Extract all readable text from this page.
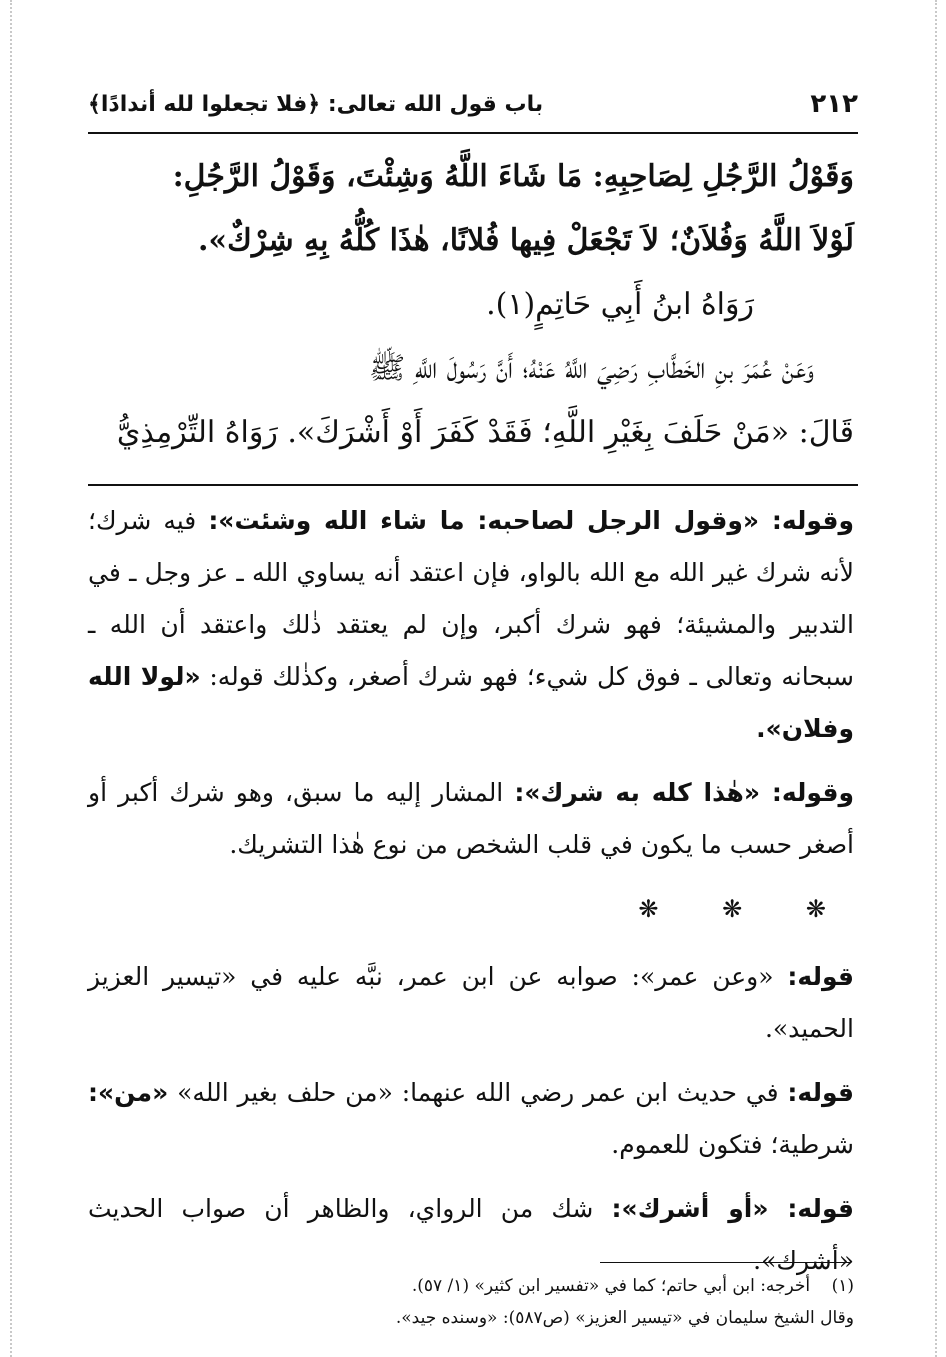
٢١٢
باب قول الله تعالى: ﴿فلا تجعلوا لله أندادًا﴾

وَقَوْلُ الرَّجُلِ لِصَاحِبِهِ: مَا شَاءَ اللَّهُ وَشِئْتَ، وَقَوْلُ الرَّجُلِ:

لَوْلاَ اللَّهُ وَفُلاَنٌ؛ لاَ تَجْعَلْ فِيها فُلانًا، هٰذَا كُلُّهُ بِهِ شِرْكٌ».

رَوَاهُ ابنُ أَبِي حَاتِمٍ(١).

وَعَنْ عُمَرَ بنِ الخَطَّابِ رَضِيَ اللَّهُ عَنْهُ؛ أَنَّ رَسُولَ اللَّهِ ﷺ

قَالَ: «مَنْ حَلَفَ بِغَيْرِ اللَّهِ؛ فَقَدْ كَفَرَ أَوْ أَشْرَكَ». رَوَاهُ التِّرْمِذِيُّ

وقوله: «وقول الرجل لصاحبه: ما شاء الله وشئت»: فيه شرك؛ لأنه شرك غير الله مع الله بالواو، فإن اعتقد أنه يساوي الله ـ عز وجل ـ في التدبير والمشيئة؛ فهو شرك أكبر، وإن لم يعتقد ذٰلك واعتقد أن الله ـ سبحانه وتعالى ـ فوق كل شيء؛ فهو شرك أصغر، وكذٰلك قوله: «لولا الله وفلان».

وقوله: «هٰذا كله به شرك»: المشار إليه ما سبق، وهو شرك أكبر أو أصغر حسب ما يكون في قلب الشخص من نوع هٰذا التشريك.

❋ ❋ ❋

قوله: «وعن عمر»: صوابه عن ابن عمر، نبَّه عليه في «تيسير العزيز الحميد».

قوله: في حديث ابن عمر رضي الله عنهما: «من حلف بغير الله» «من»: شرطية؛ فتكون للعموم.

قوله: «أو أشرك»: شك من الرواي، والظاهر أن صواب الحديث «أشرك».

(١) أخرجه: ابن أبي حاتم؛ كما في «تفسير ابن كثير» (١/ ٥٧).

وقال الشيخ سليمان في «تيسير العزيز» (ص٥٨٧): «وسنده جيد».
